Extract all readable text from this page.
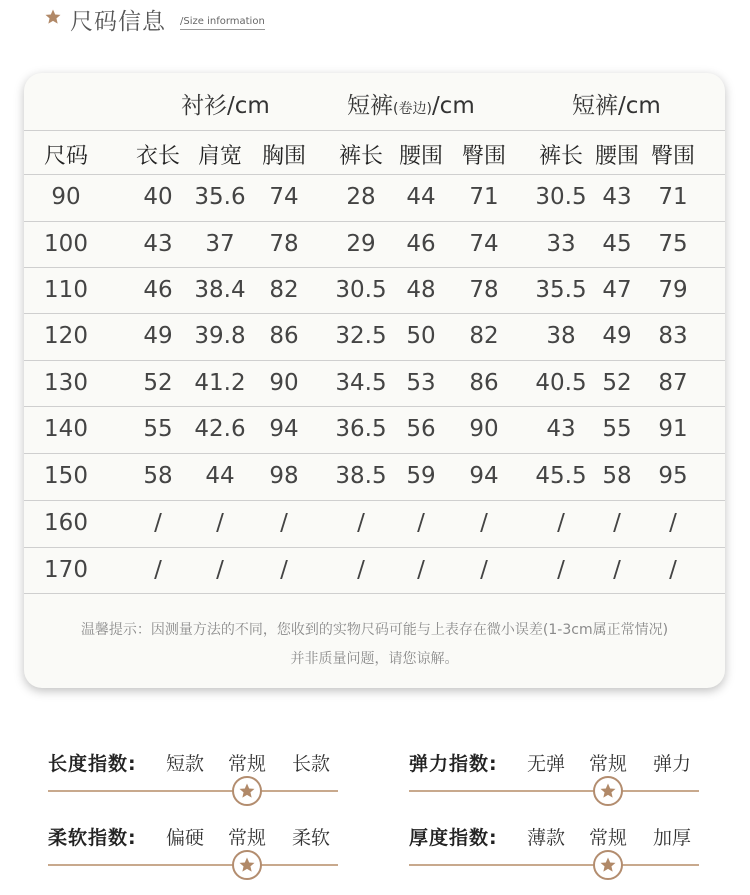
尺码信息 /Size information
衬衫/cm	短裤(卷边)/cm	短裤/cm
尺码 衣长 肩宽 胸围 裤长 腰围 臀围 裤长 腰围 臀围
90	40 35.6 74 28 44 71 30.5 43 71
100 43 37 78 29 46 74 33 45 75
110 46 38.4 82 30.5 48 78 35.5 47 79
120 49 39.8 86 32.5 50 82 38 49 83
130 52 41.2 90 34.5 53 86 40.5 52 87
140 55 42.6 94 36.5 56 90 43 55 91
150 58 44 98 38.5 59 94 45.5 58 95
160	/ / /	/ / /	/ / /
170	/ / /	/ / /	/ / /
温馨提示：因测量方法的不同，您收到的实物尺码可能与上表存在微小误差(1-3cm属正常情况)
并非质量问题，请您谅解。
长度指数: 短款 常规 长款	弹力指数: 无弹 常规 弹力
柔软指数: 偏硬 常规 柔软	厚度指数: 薄款 常规 加厚
